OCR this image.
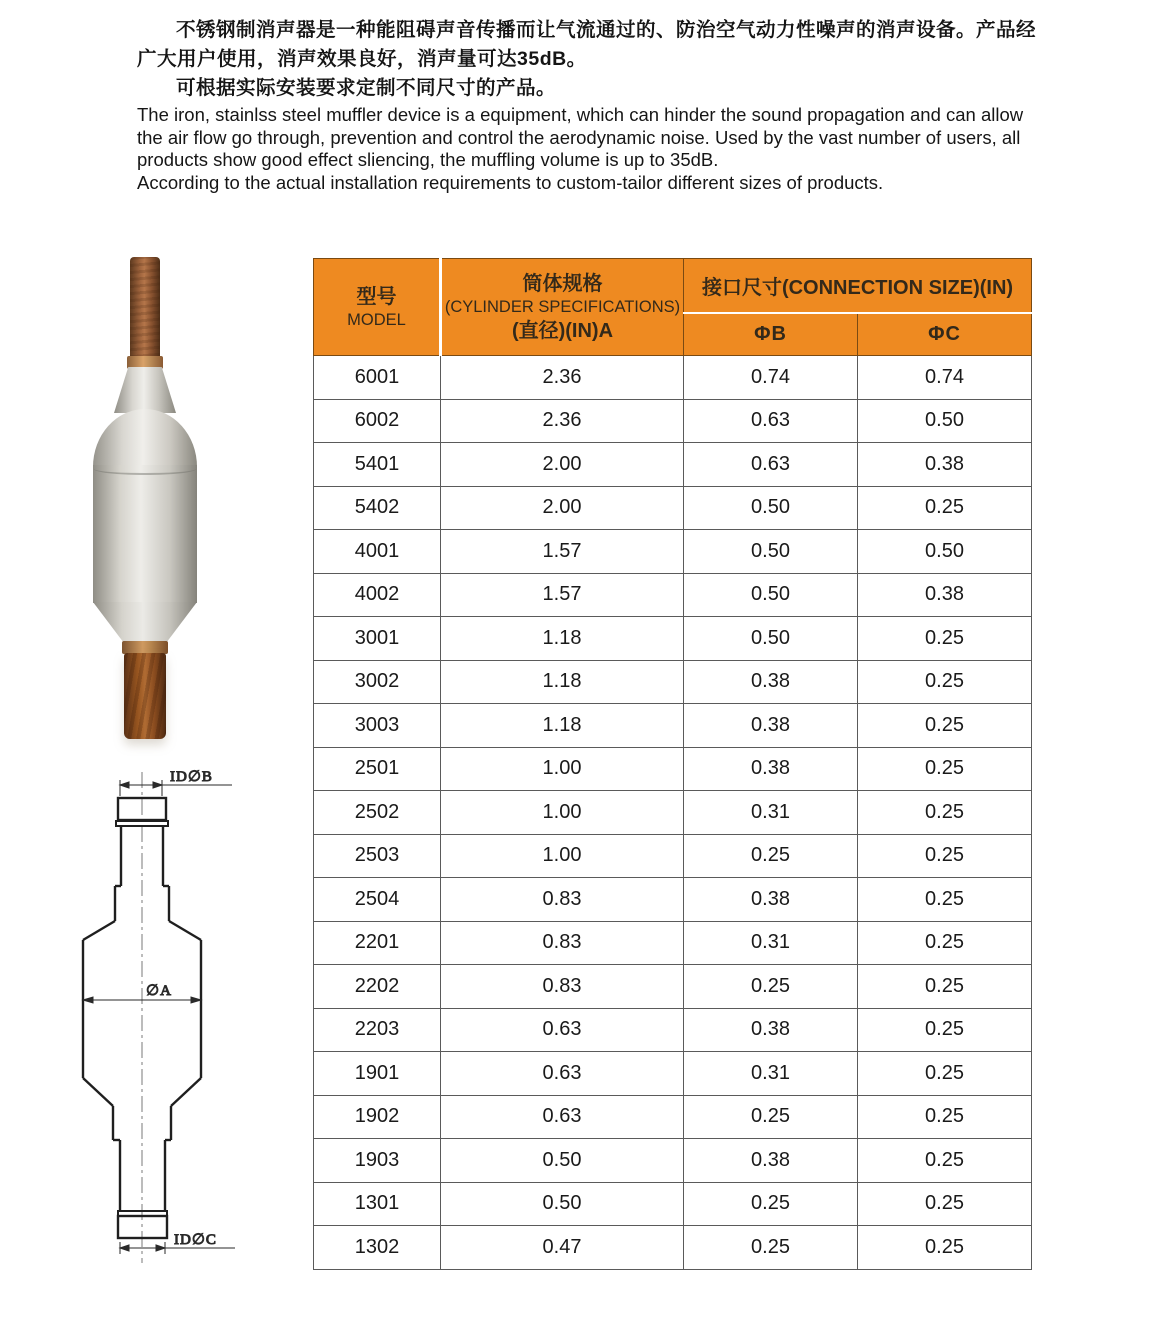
不锈钢制消声器是一种能阻碍声音传播而让气流通过的、防治空气动力性噪声的消声设备。产品经广大用户使用，消声效果良好，消声量可达35dB。

可根据实际安装要求定制不同尺寸的产品。

The iron, stainlss steel muffler device is a equipment, which can hinder the sound propagation and can allow the air flow go through, prevention and control the aerodynamic noise. Used by the vast number of users, all products show good effect sliencing, the muffling volume is up to 35dB.

According to the actual installation requirements to custom-tailor different sizes of products.

ID∅B
∅A
ID∅C
型号
MODEL	筒体规格
(CYLINDER SPECIFICATIONS)
(直径)(IN)A	接口尺寸(CONNECTION SIZE)(IN)	
		ΦB	ΦC
6001	2.36	0.74	0.74
6002	2.36	0.63	0.50
5401	2.00	0.63	0.38
5402	2.00	0.50	0.25
4001	1.57	0.50	0.50
4002	1.57	0.50	0.38
3001	1.18	0.50	0.25
3002	1.18	0.38	0.25
3003	1.18	0.38	0.25
2501	1.00	0.38	0.25
2502	1.00	0.31	0.25
2503	1.00	0.25	0.25
2504	0.83	0.38	0.25
2201	0.83	0.31	0.25
2202	0.83	0.25	0.25
2203	0.63	0.38	0.25
1901	0.63	0.31	0.25
1902	0.63	0.25	0.25
1903	0.50	0.38	0.25
1301	0.50	0.25	0.25
1302	0.47	0.25	0.25
